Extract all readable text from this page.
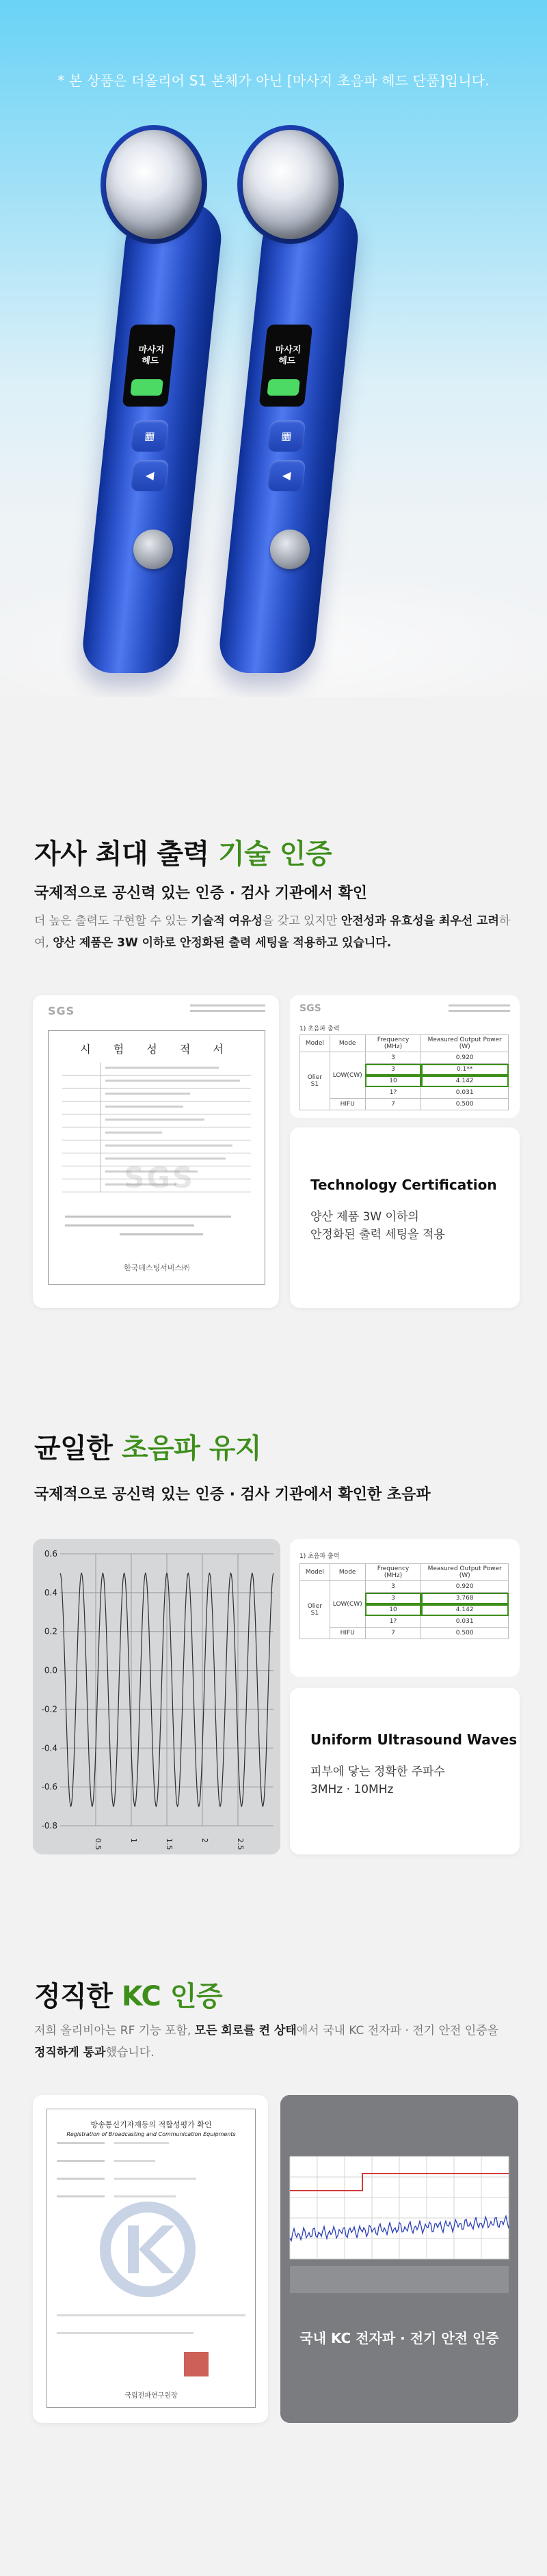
* 본 상품은 더올리어 S1 본체가 아닌 [마사지 초음파 헤드 단품]입니다.
마사지 헤드
▦
◀
마사지 헤드
▦
◀
자사 최대 출력 기술 인증
국제적으로 공신력 있는 인증 · 검사 기관에서 확인
더 높은 출력도 구현할 수 있는 기술적 여유성을 갖고 있지만 안전성과 유효성을 최우선 고려하여, 양산 제품은 3W 이하로 안정화된 출력 세팅을 적용하고 있습니다.
SGS
시 험 성 적 서
SGS
한국테스팅서비스㈜
SGS
1) 초음파 출력
Model	Mode	Frequency (MHz)	Measured Output Power (W)
Olier S1	LOW(CW)	3	0.920
		3	0.1**
		10	4.142
		1?	0.031
	HIFU	7	0.500
Technology Certification
양산 제품 3W 이하의
안정화된 출력 세팅을 적용
균일한 초음파 유지
국제적으로 공신력 있는 인증 · 검사 기관에서 확인한 초음파
0.6
0.4
0.2
0.0
-0.2
-0.4
-0.6
-0.8
0.5	1	1.5	2	2.5
1) 초음파 출력
Model	Mode	Frequency (MHz)	Measured Output Power (W)
Olier S1	LOW(CW)	3	0.920
		3	3.768
		10	4.142
		1?	0.031
	HIFU	7	0.500
Uniform Ultrasound Waves
피부에 닿는 정확한 주파수
3MHz · 10MHz
정직한 KC 인증
저희 올리비아는 RF 기능 포함, 모든 회로를 켠 상태에서 국내 KC 전자파 · 전기 안전 인증을 정직하게 통과했습니다.
방송통신기자재등의 적합성평가 확인
Registration of Broadcasting and Communication Equipments
국립전파연구원장
국내 KC 전자파 · 전기 안전 인증
